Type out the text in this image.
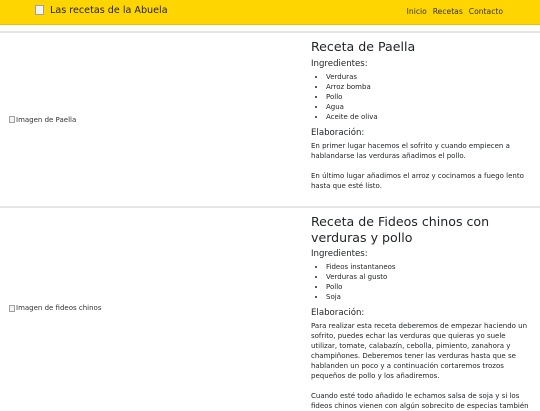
Las recetas de la Abuela	Inicio Recetas Contacto
Imagen de Paella
Receta de Paella
Ingredientes:
• Verduras
• Arroz bomba
• Pollo
• Agua
• Aceite de oliva
Elaboración:

En primer lugar hacemos el sofrito y cuando empiecen a hablandarse las verduras añadimos el pollo.

En último lugar añadimos el arroz y cocinamos a fuego lento hasta que esté listo.

Imagen de fideos chinos
Receta de Fideos chinos con verduras y pollo
Ingredientes:
• Fideos instantaneos
• Verduras al gusto
• Pollo
• Soja
Elaboración:

Para realizar esta receta deberemos de empezar haciendo un sofrito, puedes echar las verduras que quieras yo suele utilizar, tomate, calabazín, cebolla, pimiento, zanahora y champiñones. Deberemos tener las verduras hasta que se hablanden un poco y a continuación cortaremos trozos pequeños de pollo y los añadiremos.

Cuando esté todo añadido le echamos salsa de soja y si los fideos chinos vienen con algún sobrecito de especias también
